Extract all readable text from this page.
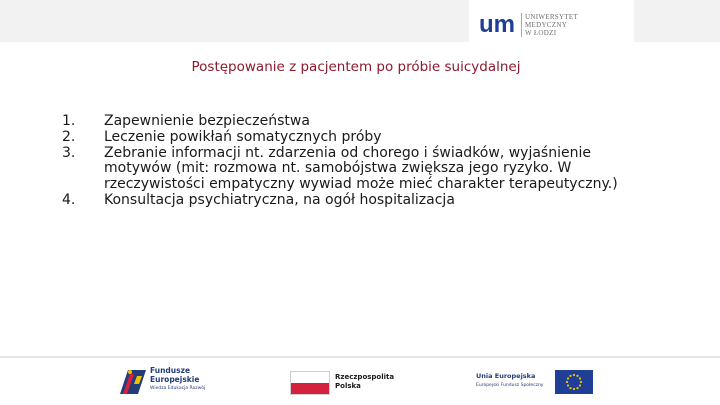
um UNIWERSYTET
MEDYCZNY
W ŁODZI
Postępowanie z pacjentem po próbie suicydalnej
1. Zapewnienie bezpieczeństwa
2. Leczenie powikłań somatycznych próby
3. Zebranie informacji nt. zdarzenia od chorego i świadków, wyjaśnienie motywów (mit: rozmowa nt. samobójstwa zwiększa jego ryzyko. W rzeczywistości empatyczny wywiad może mieć charakter terapeutyczny.)
4. Konsultacja psychiatryczna, na ogół hospitalizacja
Fundusze
Europejskie
Wiedza Edukacja Rozwój
Rzeczpospolita
Polska
Unia Europejska
Europejski Fundusz Społeczny
